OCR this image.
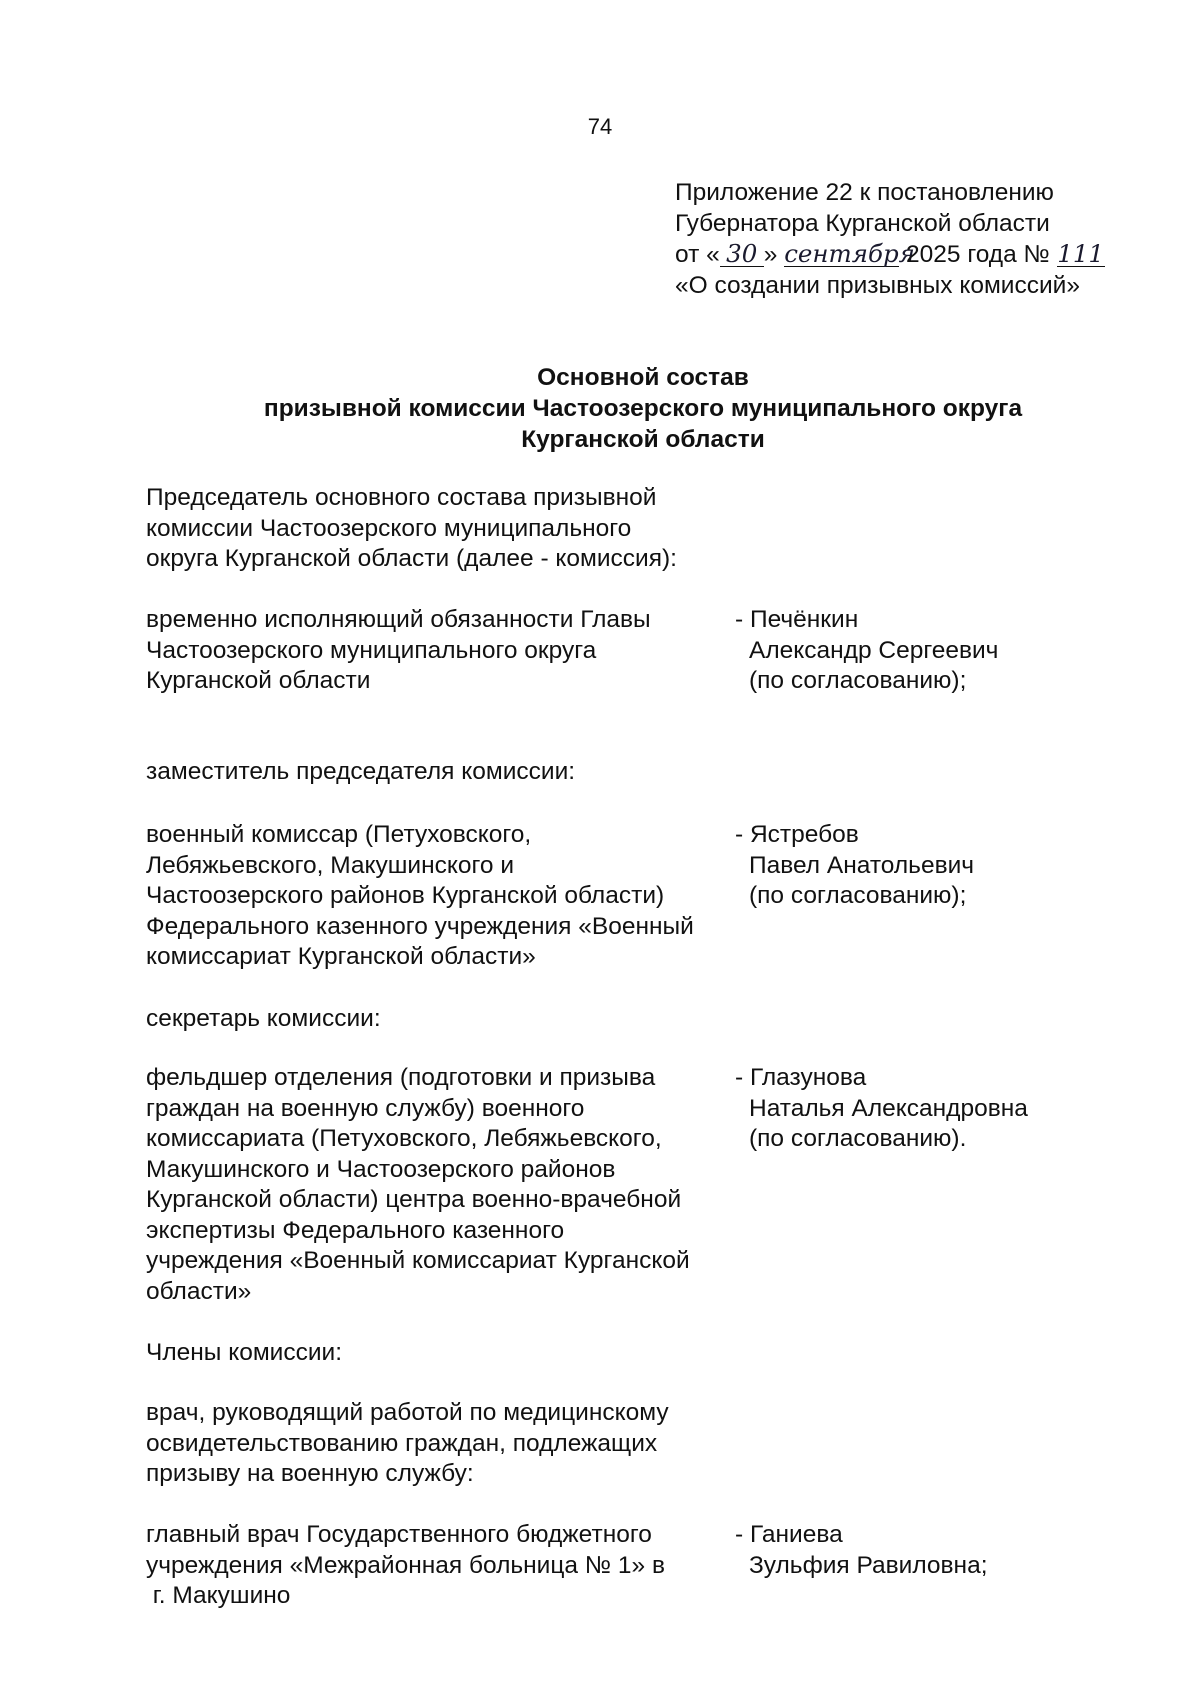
74
Приложение 22 к постановлению
Губернатора Курганской области
от « 30 » сентября 2025 года № 111
«О создании призывных комиссий»
Основной состав
призывной комиссии Частоозерского муниципального округа
Курганской области
Председатель основного состава призывной
комиссии Частоозерского муниципального
округа Курганской области (далее - комиссия):
временно исполняющий обязанности Главы
Частоозерского муниципального округа
Курганской области
- Печёнкин
Александр Сергеевич
(по согласованию);
заместитель председателя комиссии:
военный комиссар (Петуховского,
Лебяжьевского, Макушинского и
Частоозерского районов Курганской области)
Федерального казенного учреждения «Военный
комиссариат Курганской области»
- Ястребов
Павел Анатольевич
(по согласованию);
секретарь комиссии:
фельдшер отделения (подготовки и призыва
граждан на военную службу) военного
комиссариата (Петуховского, Лебяжьевского,
Макушинского и Частоозерского районов
Курганской области) центра военно-врачебной
экспертизы Федерального казенного
учреждения «Военный комиссариат Курганской
области»
- Глазунова
Наталья Александровна
(по согласованию).
Члены комиссии:
врач, руководящий работой по медицинскому
освидетельствованию граждан, подлежащих
призыву на военную службу:
главный врач Государственного бюджетного
учреждения «Межрайонная больница № 1» в
г. Макушино
- Ганиева
Зульфия Равиловна;
